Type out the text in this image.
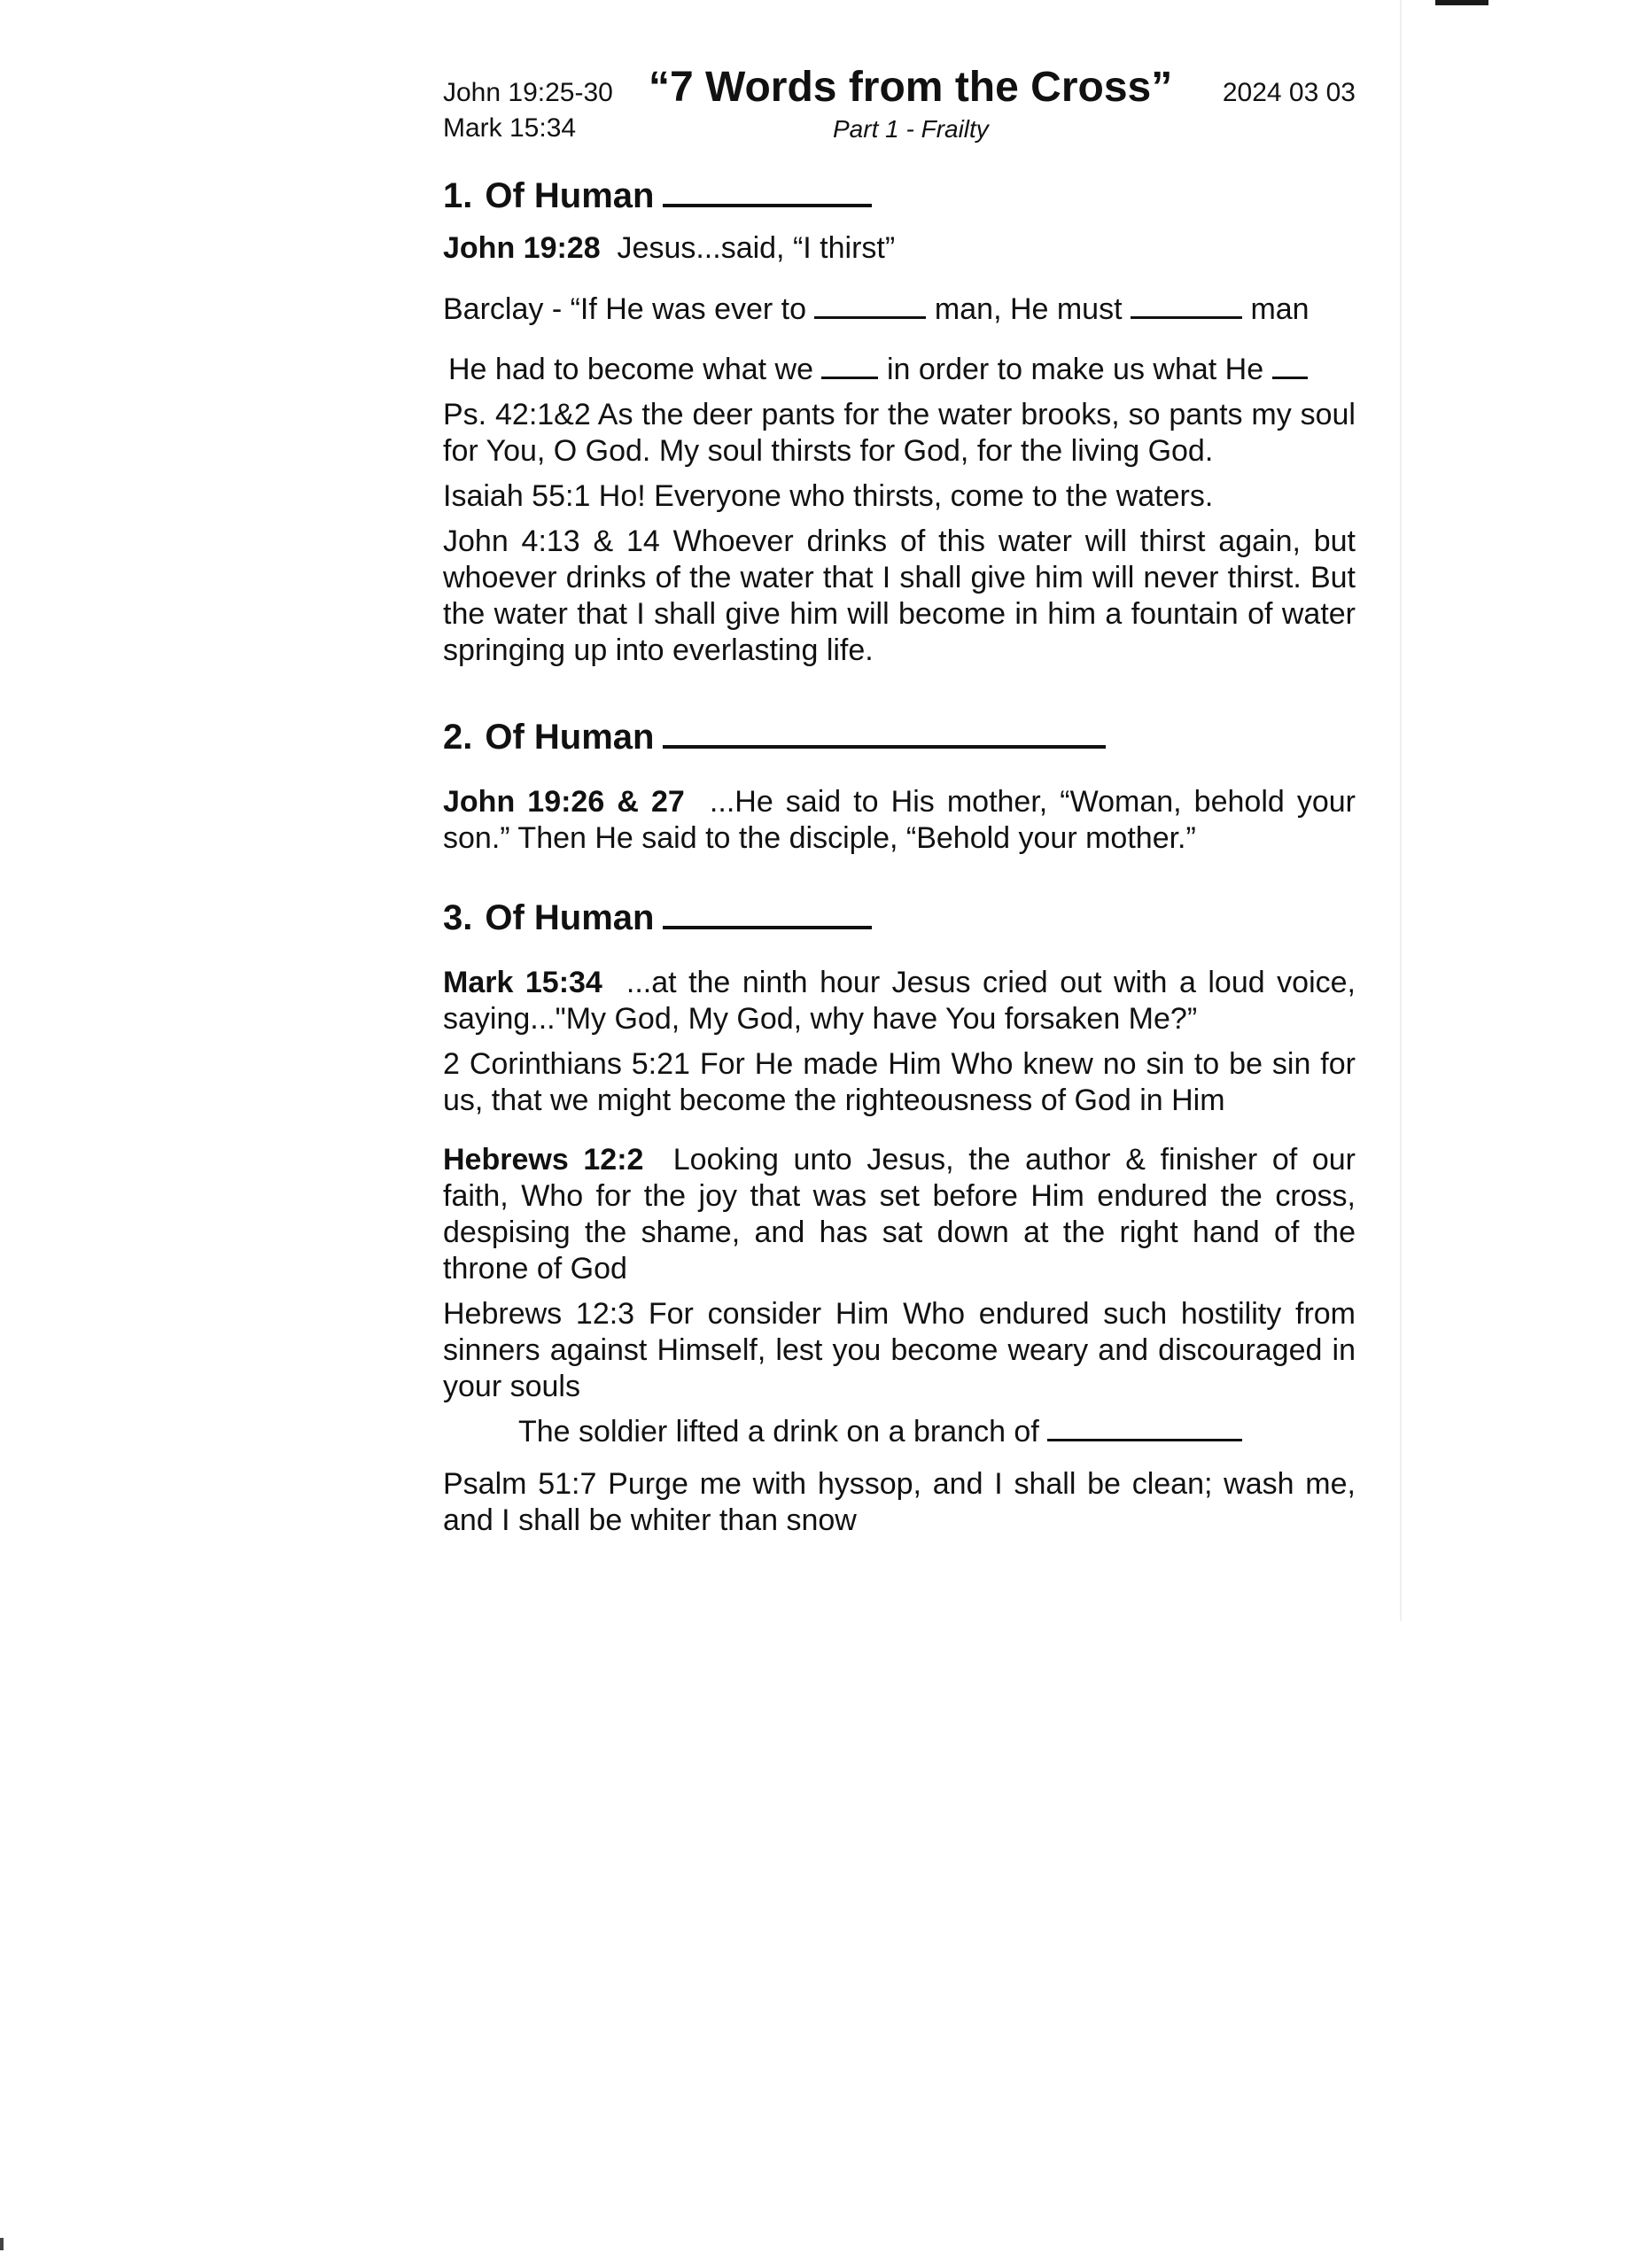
John 19:25-30 “7 Words from the Cross” 2024 03 03
Mark 15:34	Part 1 - Frailty
1. Of Human

John 19:28 Jesus...said, “I thirst”

Barclay - “If He was ever to	man, He must	man

He had to become what we in order to make us what He

Ps. 42:1&2 As the deer pants for the water brooks, so pants my soul for You, O God. My soul thirsts for God, for the living God.

Isaiah 55:1 Ho! Everyone who thirsts, come to the waters.

John 4:13 & 14 Whoever drinks of this water will thirst again, but whoever drinks of the water that I shall give him will never thirst. But the water that I shall give him will become in him a fountain of water springing up into everlasting life.

2. Of Human

John 19:26 & 27 ...He said to His mother, “Woman, behold your son.” Then He said to the disciple, “Behold your mother.”

3. Of Human

Mark 15:34 ...at the ninth hour Jesus cried out with a loud voice, saying..."My God, My God, why have You forsaken Me?”

2 Corinthians 5:21 For He made Him Who knew no sin to be sin for us, that we might become the righteousness of God in Him

Hebrews 12:2 Looking unto Jesus, the author & finisher of our faith, Who for the joy that was set before Him endured the cross, despising the shame, and has sat down at the right hand of the throne of God

Hebrews 12:3 For consider Him Who endured such hostility from sinners against Himself, lest you become weary and discouraged in your souls

The soldier lifted a drink on a branch of

Psalm 51:7 Purge me with hyssop, and I shall be clean; wash me, and I shall be whiter than snow
